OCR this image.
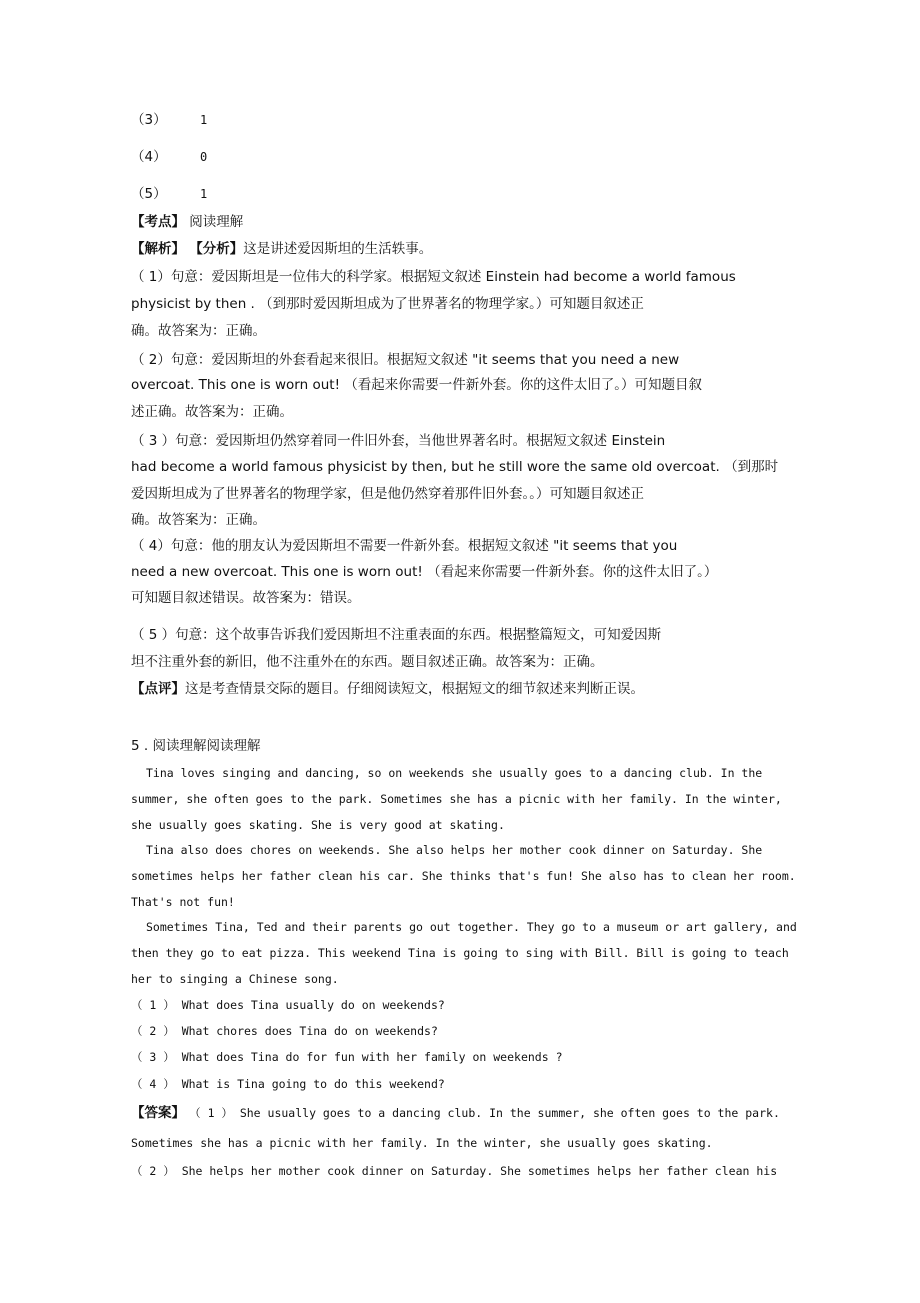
（3）	1
（4）	0
（5）	1
【考点】 阅读理解
【解析】 【分析】这是讲述爱因斯坦的生活轶事。
（ 1）句意：爱因斯坦是一位伟大的科学家。根据短文叙述 Einstein had become a world famous
physicist by then . （到那时爱因斯坦成为了世界著名的物理学家。）可知题目叙述正
确。故答案为：正确。
（ 2）句意：爱因斯坦的外套看起来很旧。根据短文叙述 "it seems that you need a new
overcoat. This one is worn out! （看起来你需要一件新外套。你的这件太旧了。）可知题目叙
述正确。故答案为：正确。
（ 3 ）句意：爱因斯坦仍然穿着同一件旧外套，当他世界著名时。根据短文叙述 Einstein
had become a world famous physicist by then, but he still wore the same old overcoat. （到那时
爱因斯坦成为了世界著名的物理学家，但是他仍然穿着那件旧外套。。）可知题目叙述正
确。故答案为：正确。
（ 4）句意：他的朋友认为爱因斯坦不需要一件新外套。根据短文叙述 "it seems that you
need a new overcoat. This one is worn out! （看起来你需要一件新外套。你的这件太旧了。）
可知题目叙述错误。故答案为：错误。
（ 5 ）句意：这个故事告诉我们爱因斯坦不注重表面的东西。根据整篇短文，可知爱因斯
坦不注重外套的新旧，他不注重外在的东西。题目叙述正确。故答案为：正确。
【点评】这是考查情景交际的题目。仔细阅读短文，根据短文的细节叙述来判断正误。
5 . 阅读理解阅读理解
Tina loves singing and dancing, so on weekends she usually goes to a dancing club. In the
summer, she often goes to the park. Sometimes she has a picnic with her family. In the winter,
she usually goes skating. She is very good at skating.
Tina also does chores on weekends. She also helps her mother cook dinner on Saturday. She
sometimes helps her father clean his car. She thinks that's fun! She also has to clean her room.
That's not fun!
Sometimes Tina, Ted and their parents go out together. They go to a museum or art gallery, and
then they go to eat pizza. This weekend Tina is going to sing with Bill. Bill is going to teach
her to singing a Chinese song.
（ 1 ） What does Tina usually do on weekends?
（ 2 ） What chores does Tina do on weekends?
（ 3 ） What does Tina do for fun with her family on weekends ?
（ 4 ） What is Tina going to do this weekend?
【答案】 （ 1 ） She usually goes to a dancing club. In the summer, she often goes to the park.
Sometimes she has a picnic with her family. In the winter, she usually goes skating.
（ 2 ） She helps her mother cook dinner on Saturday. She sometimes helps her father clean his
